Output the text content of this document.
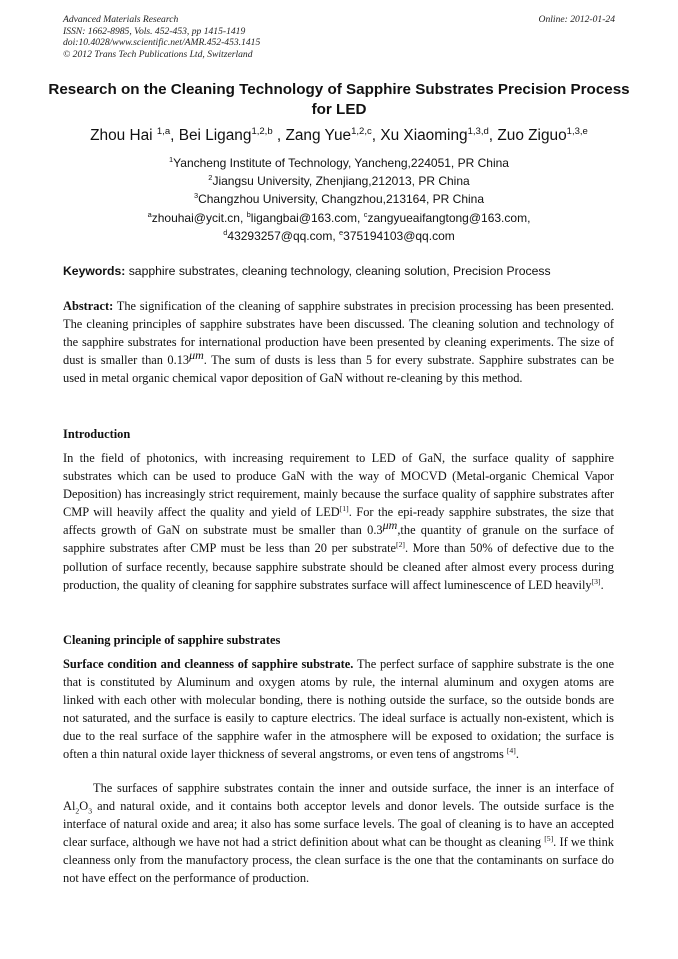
Advanced Materials Research
ISSN: 1662-8985, Vols. 452-453, pp 1415-1419
doi:10.4028/www.scientific.net/AMR.452-453.1415
© 2012 Trans Tech Publications Ltd, Switzerland
Online: 2012-01-24
Research on the Cleaning Technology of Sapphire Substrates Precision Process for LED
Zhou Hai $^{1,a}$, Bei Ligang$^{1,2,b}$ , Zang Yue$^{1,2,c}$, Xu Xiaoming$^{1,3,d}$, Zuo Ziguo$^{1,3,e}$
$^1$Yancheng Institute of Technology, Yancheng,224051, PR China
$^2$Jiangsu University, Zhenjiang,212013, PR China
$^3$Changzhou University, Changzhou,213164, PR China
$^a$zhouhai@ycit.cn, $^b$ligangbai@163.com, $^c$zangyueaifangtong@163.com,
$^d$43293257@qq.com, $^e$375194103@qq.com
Keywords: sapphire substrates, cleaning technology, cleaning solution, Precision Process
Abstract: The signification of the cleaning of sapphire substrates in precision processing has been presented. The cleaning principles of sapphire substrates have been discussed. The cleaning solution and technology of the sapphire substrates for international production have been presented by cleaning experiments. The size of dust is smaller than $0.13^{\mu m}$. The sum of dusts is less than 5 for every substrate. Sapphire substrates can be used in metal organic chemical vapor deposition of GaN without re-cleaning by this method.
Introduction
In the field of photonics, with increasing requirement to LED of GaN, the surface quality of sapphire substrates which can be used to produce GaN with the way of MOCVD (Metal-organic Chemical Vapor Deposition) has increasingly strict requirement, mainly because the surface quality of sapphire substrates after CMP will heavily affect the quality and yield of LED[1]. For the epi-ready sapphire substrates, the size that affects growth of GaN on substrate must be smaller than $0.3^{\mu m},the$ quantity of granule on the surface of sapphire substrates after CMP must be less than 20 per substrate[2]. More than 50% of defective due to the pollution of surface recently, because sapphire substrate should be cleaned after almost every process during production, the quality of cleaning for sapphire substrates surface will affect luminescence of LED heavily[3].
Cleaning principle of sapphire substrates
Surface condition and cleanness of sapphire substrate. The perfect surface of sapphire substrate is the one that is constituted by Aluminum and oxygen atoms by rule, the internal aluminum and oxygen atoms are linked with each other with molecular bonding, there is nothing outside the surface, so the outside bonds are not saturated, and the surface is easily to capture electrics. The ideal surface is actually non-existent, which is due to the real surface of the sapphire wafer in the atmosphere will be exposed to oxidation; the surface is often a thin natural oxide layer thickness of several angstroms, or even tens of angstroms [4].
The surfaces of sapphire substrates contain the inner and outside surface, the inner is an interface of $Al_2O_3$ and natural oxide, and it contains both acceptor levels and donor levels. The outside surface is the interface of natural oxide and area; it also has some surface levels. The goal of cleaning is to have an accepted clear surface, although we have not had a strict definition about what can be thought as cleaning [5]. If we think cleanness only from the manufactory process, the clean surface is the one that the contaminants on surface do not have effect on the performance of production.
